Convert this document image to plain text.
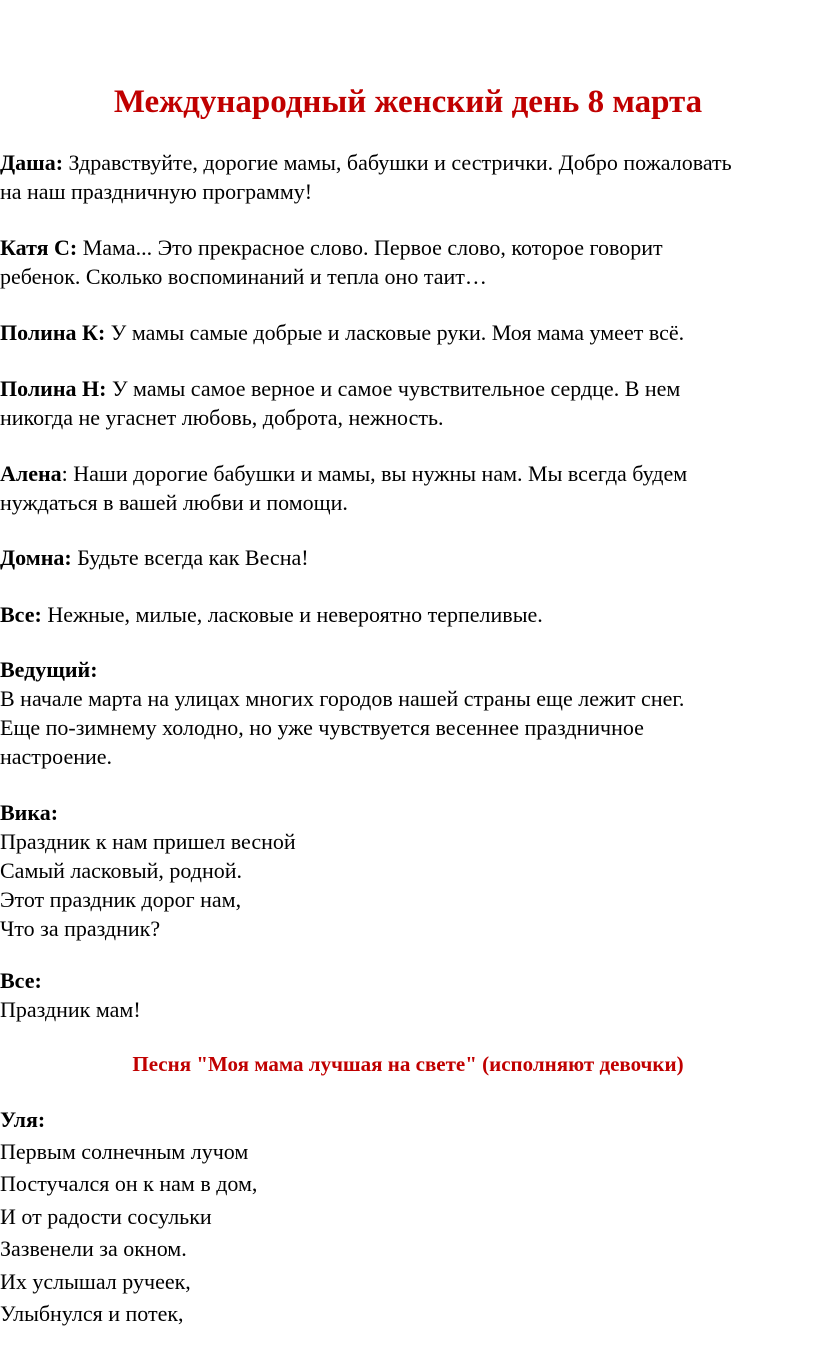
Международный женский день 8 марта

Даша: Здравствуйте, дорогие мамы, бабушки и сестрички. Добро пожаловать
на наш праздничную программу!

Катя С: Мама... Это прекрасное слово. Первое слово, которое говорит
ребенок. Сколько воспоминаний и тепла оно таит…

Полина К: У мамы самые добрые и ласковые руки. Моя мама умеет всё.

Полина Н: У мамы самое верное и самое чувствительное сердце. В нем
никогда не угаснет любовь, доброта, нежность.

Алена: Наши дорогие бабушки и мамы, вы нужны нам. Мы всегда будем
нуждаться в вашей любви и помощи.

Домна: Будьте всегда как Весна!

Все: Нежные, милые, ласковые и невероятно терпеливые.

Ведущий:
В начале марта на улицах многих городов нашей страны еще лежит снег.
Еще по-зимнему холодно, но уже чувствуется весеннее праздничное
настроение.

Вика:
Праздник к нам пришел весной
Самый ласковый, родной.
Этот праздник дорог нам,
Что за праздник?

Все:
Праздник мам!

Песня "Моя мама лучшая на свете" (исполняют девочки)

Уля:
Первым солнечным лучом
Постучался он к нам в дом,
И от радости сосульки
Зазвенели за окном.
Их услышал ручеек,
Улыбнулся и потек,
